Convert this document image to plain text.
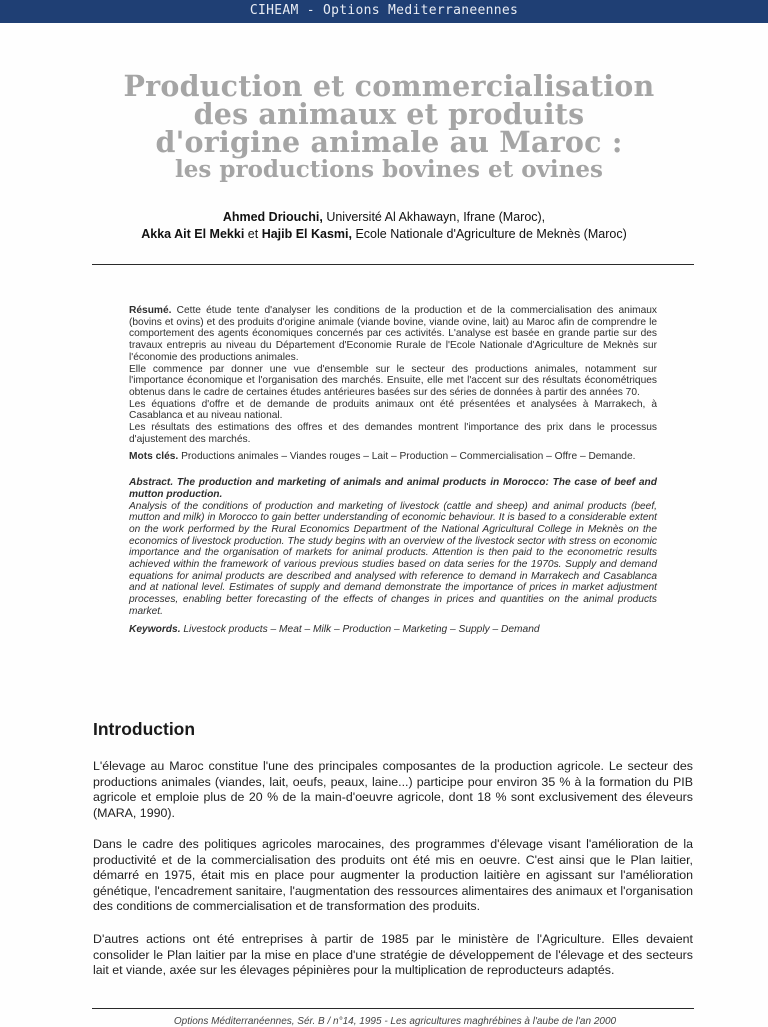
CIHEAM - Options Mediterraneennes
Production et commercialisation
des animaux et produits
d'origine animale au Maroc :
les productions bovines et ovines
Ahmed Driouchi, Université Al Akhawayn, Ifrane (Maroc),
Akka Ait El Mekki et Hajib El Kasmi, Ecole Nationale d'Agriculture de Meknès (Maroc)

Résumé. Cette étude tente d'analyser les conditions de la production et de la commercialisation des animaux (bovins et ovins) et des produits d'origine animale (viande bovine, viande ovine, lait) au Maroc afin de comprendre le comportement des agents économiques concernés par ces activités. L'analyse est basée en grande partie sur des travaux entrepris au niveau du Département d'Economie Rurale de l'Ecole Nationale d'Agriculture de Meknès sur l'économie des productions animales.

Elle commence par donner une vue d'ensemble sur le secteur des productions animales, notamment sur l'importance économique et l'organisation des marchés. Ensuite, elle met l'accent sur des résultats économétriques obtenus dans le cadre de certaines études antérieures basées sur des séries de données à partir des années 70.

Les équations d'offre et de demande de produits animaux ont été présentées et analysées à Marrakech, à Casablanca et au niveau national.

Les résultats des estimations des offres et des demandes montrent l'importance des prix dans le processus d'ajustement des marchés.

Mots clés. Productions animales – Viandes rouges – Lait – Production – Commercialisation – Offre – Demande.

Abstract. The production and marketing of animals and animal products in Morocco: The case of beef and mutton production.

Analysis of the conditions of production and marketing of livestock (cattle and sheep) and animal products (beef, mutton and milk) in Morocco to gain better understanding of economic behaviour. It is based to a considerable extent on the work performed by the Rural Economics Department of the National Agricultural College in Meknès on the economics of livestock production. The study begins with an overview of the livestock sector with stress on economic importance and the organisation of markets for animal products. Attention is then paid to the econometric results achieved within the framework of various previous studies based on data series for the 1970s. Supply and demand equations for animal products are described and analysed with reference to demand in Marrakech and Casablanca and at national level. Estimates of supply and demand demonstrate the importance of prices in market adjustment processes, enabling better forecasting of the effects of changes in prices and quantities on the animal products market.

Keywords. Livestock products – Meat – Milk – Production – Marketing – Supply – Demand

Introduction

L'élevage au Maroc constitue l'une des principales composantes de la production agricole. Le secteur des productions animales (viandes, lait, oeufs, peaux, laine...) participe pour environ 35 % à la formation du PIB agricole et emploie plus de 20 % de la main-d'oeuvre agricole, dont 18 % sont exclusivement des éleveurs (MARA, 1990).

Dans le cadre des politiques agricoles marocaines, des programmes d'élevage visant l'amélioration de la productivité et de la commercialisation des produits ont été mis en oeuvre. C'est ainsi que le Plan laitier, démarré en 1975, était mis en place pour augmenter la production laitière en agissant sur l'amélioration génétique, l'encadrement sanitaire, l'augmentation des ressources alimentaires des animaux et l'organisation des conditions de commercialisation et de transformation des produits.

D'autres actions ont été entreprises à partir de 1985 par le ministère de l'Agriculture. Elles devaient consolider le Plan laitier par la mise en place d'une stratégie de développement de l'élevage et des secteurs lait et viande, axée sur les élevages pépinières pour la multiplication de reproducteurs adaptés.

Options Méditerranéennes, Sér. B / n°14, 1995 - Les agricultures maghrébines à l'aube de l'an 2000
